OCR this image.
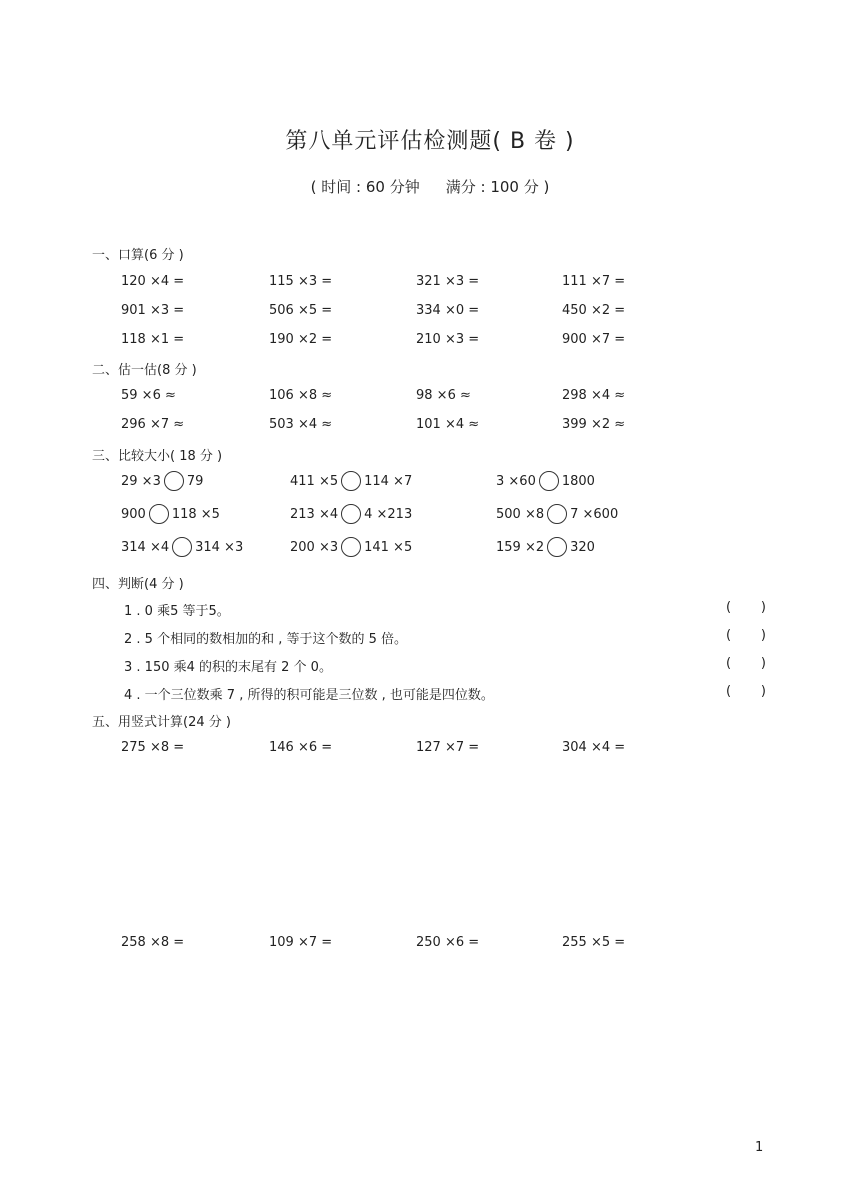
第八单元评估检测题( B 卷 )
( 时间 : 60 分钟 满分 : 100 分 )
一、口算(6 分 )
120 ×4 =	115 ×3 =	321 ×3 =	111 ×7 =
901 ×3 =	506 ×5 =	334 ×0 =	450 ×2 =
118 ×1 =	190 ×2 =	210 ×3 =	900 ×7 =
二、估一估(8 分 )
59 ×6 ≈	106 ×8 ≈	98 ×6 ≈	298 ×4 ≈
296 ×7 ≈	503 ×4 ≈	101 ×4 ≈	399 ×2 ≈
三、比较大小( 18 分 )
29 ×3 79	411 ×5 114 ×7	3 ×60 1800
900 118 ×5	213 ×4 4 ×213	500 ×8 7 ×600
314 ×4 314 ×3	200 ×3 141 ×5	159 ×2 320
四、判断(4 分 )
1 . 0 乘5 等于5。	( )
2 . 5 个相同的数相加的和 , 等于这个数的 5 倍。	( )
3 . 150 乘4 的积的末尾有 2 个 0。	( )
4 . 一个三位数乘 7 , 所得的积可能是三位数 , 也可能是四位数。	( )
五、用竖式计算(24 分 )
275 ×8 =	146 ×6 =	127 ×7 =	304 ×4 =
258 ×8 =	109 ×7 =	250 ×6 =	255 ×5 =
1
